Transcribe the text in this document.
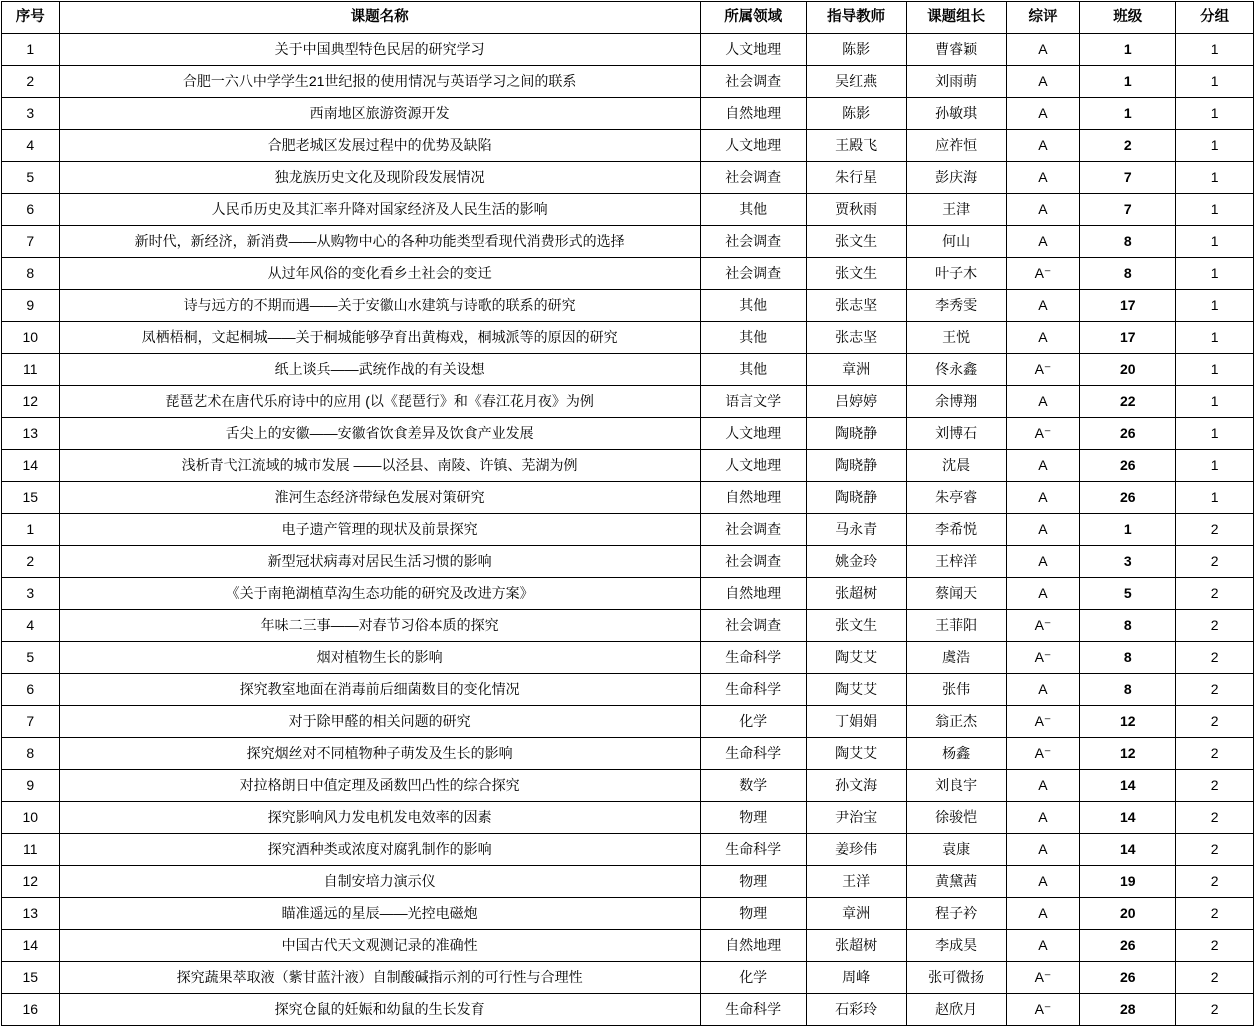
序号	课题名称	所属领域	指导教师	课题组长	综评	班级	分组
1	关于中国典型特色民居的研究学习	人文地理	陈影	曹睿颖	A	1	1
2	合肥一六八中学学生21世纪报的使用情况与英语学习之间的联系	社会调查	吴红燕	刘雨萌	A	1	1
3	西南地区旅游资源开发	自然地理	陈影	孙敏琪	A	1	1
4	合肥老城区发展过程中的优势及缺陷	人文地理	王殿飞	应祚恒	A	2	1
5	独龙族历史文化及现阶段发展情况	社会调查	朱行星	彭庆海	A	7	1
6	人民币历史及其汇率升降对国家经济及人民生活的影响	其他	贾秋雨	王津	A	7	1
7	新时代，新经济，新消费——从购物中心的各种功能类型看现代消费形式的选择	社会调查	张文生	何山	A	8	1
8	从过年风俗的变化看乡土社会的变迁	社会调查	张文生	叶子木	A⁻	8	1
9	诗与远方的不期而遇——关于安徽山水建筑与诗歌的联系的研究	其他	张志坚	李秀雯	A	17	1
10	凤栖梧桐，文起桐城——关于桐城能够孕育出黄梅戏，桐城派等的原因的研究	其他	张志坚	王悦	A	17	1
11	纸上谈兵——武统作战的有关设想	其他	章洲	佟永鑫	A⁻	20	1
12	琵琶艺术在唐代乐府诗中的应用 (以《琵琶行》和《春江花月夜》为例	语言文学	吕婷婷	余博翔	A	22	1
13	舌尖上的安徽——安徽省饮食差异及饮食产业发展	人文地理	陶晓静	刘博石	A⁻	26	1
14	浅析青弋江流域的城市发展 ——以泾县、南陵、许镇、芜湖为例	人文地理	陶晓静	沈晨	A	26	1
15	淮河生态经济带绿色发展对策研究	自然地理	陶晓静	朱亭睿	A	26	1
1	电子遗产管理的现状及前景探究	社会调查	马永青	李希悦	A	1	2
2	新型冠状病毒对居民生活习惯的影响	社会调查	姚金玲	王梓洋	A	3	2
3	《关于南艳湖植草沟生态功能的研究及改进方案》	自然地理	张超树	蔡闻天	A	5	2
4	年味二三事——对春节习俗本质的探究	社会调查	张文生	王菲阳	A⁻	8	2
5	烟对植物生长的影响	生命科学	陶艾艾	虞浩	A⁻	8	2
6	探究教室地面在消毒前后细菌数目的变化情况	生命科学	陶艾艾	张伟	A	8	2
7	对于除甲醛的相关问题的研究	化学	丁娟娟	翁正杰	A⁻	12	2
8	探究烟丝对不同植物种子萌发及生长的影响	生命科学	陶艾艾	杨鑫	A⁻	12	2
9	对拉格朗日中值定理及函数凹凸性的综合探究	数学	孙文海	刘良宇	A	14	2
10	探究影响风力发电机发电效率的因素	物理	尹治宝	徐骏恺	A	14	2
11	探究酒种类或浓度对腐乳制作的影响	生命科学	姜珍伟	袁康	A	14	2
12	自制安培力演示仪	物理	王洋	黄黛茜	A	19	2
13	瞄准遥远的星辰——光控电磁炮	物理	章洲	程子衿	A	20	2
14	中国古代天文观测记录的准确性	自然地理	张超树	李成昊	A	26	2
15	探究蔬果萃取液（紫甘蓝汁液）自制酸碱指示剂的可行性与合理性	化学	周峰	张可微扬	A⁻	26	2
16	探究仓鼠的妊娠和幼鼠的生长发育	生命科学	石彩玲	赵欣月	A⁻	28	2
